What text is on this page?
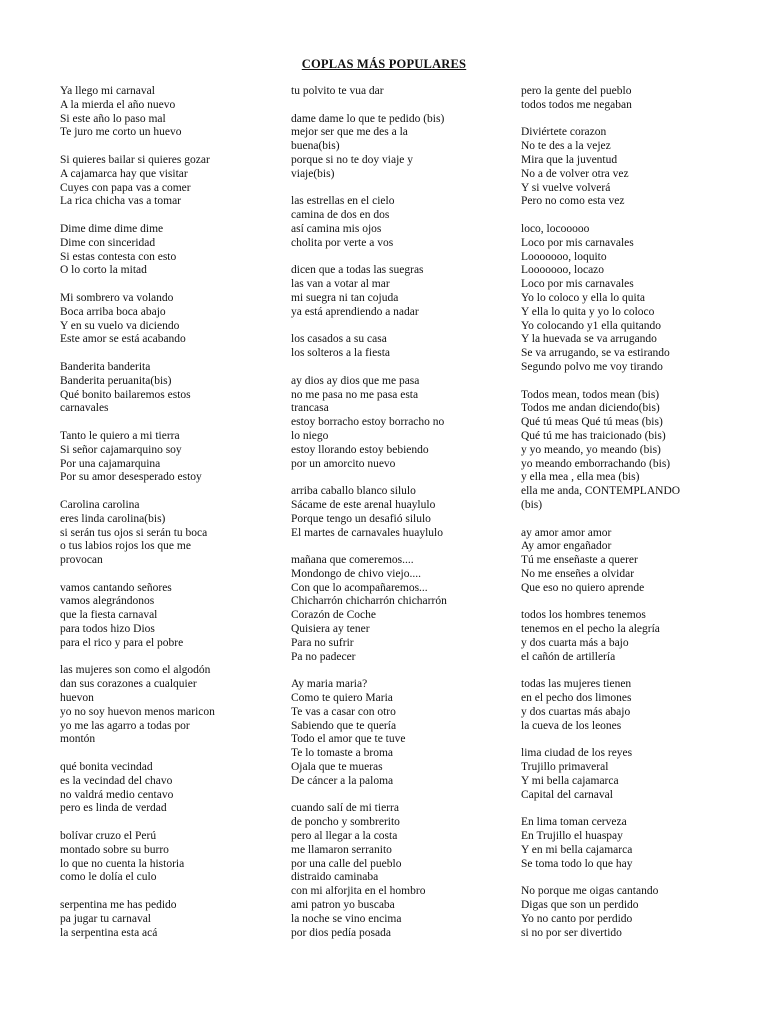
COPLAS MÁS POPULARES
Ya llego mi carnaval
A la mierda el año nuevo
Si este año lo paso mal
Te juro me corto un huevo
Si quieres bailar si quieres gozar
A cajamarca hay que visitar
Cuyes con papa vas a comer
La rica chicha vas a tomar
Dime dime dime dime
Dime con sinceridad
Si estas contesta con esto
O lo corto la mitad
Mi sombrero va volando
Boca arriba boca abajo
Y en su vuelo va diciendo
Este amor se está acabando
Banderita banderita
Banderita peruanita(bis)
Qué bonito bailaremos estos
carnavales
Tanto le quiero a mi tierra
Si señor cajamarquino soy
Por una cajamarquina
Por su amor desesperado estoy
Carolina carolina
eres linda carolina(bis)
si serán tus ojos si serán tu boca
o tus labios rojos los que me
provocan
vamos cantando señores
vamos alegrándonos
que la fiesta carnaval
para todos hizo Dios
para el rico y para el pobre
las mujeres son como el algodón
dan sus corazones a cualquier
huevon
yo no soy huevon menos maricon
yo me las agarro a todas por
montón
qué bonita vecindad
es la vecindad del chavo
no valdrá medio centavo
pero es linda de verdad
bolívar cruzo el Perú
montado sobre su burro
lo que no cuenta la historia
como le dolía el culo
serpentina me has pedido
pa jugar tu carnaval
la serpentina esta acá
tu polvito te vua dar
dame dame lo que te pedido (bis)
mejor ser que me des a la
buena(bis)
porque si no te doy viaje y
viaje(bis)
las estrellas en el cielo
camina de dos en dos
así camina mis ojos
cholita por verte a vos
dicen que a todas las suegras
las van a votar al mar
mi suegra ni tan cojuda
ya está aprendiendo a nadar
los casados a su casa
los solteros a la fiesta
ay dios ay dios que me pasa
no me pasa no me pasa esta
trancasa
estoy borracho estoy borracho no
lo niego
estoy llorando estoy bebiendo
por un amorcito nuevo
arriba caballo blanco silulo
Sácame de este arenal huaylulo
Porque tengo un desafió silulo
El martes de carnavales huaylulo
mañana que comeremos....
Mondongo de chivo viejo....
Con que lo acompañaremos...
Chicharrón chicharrón chicharrón
Corazón de Coche
Quisiera ay tener
Para no sufrir
Pa no padecer
Ay maria maria?
Como te quiero Maria
Te vas a casar con otro
Sabiendo que te quería
Todo el amor que te tuve
Te lo tomaste a broma
Ojala que te mueras
De cáncer a la paloma
cuando salí de mi tierra
de poncho y sombrerito
pero al llegar a la costa
me llamaron serranito
por una calle del pueblo
distraido caminaba
con mi alforjita en el hombro
ami patron yo buscaba
la noche se vino encima
por dios pedía posada
pero la gente del pueblo
todos todos me negaban
Diviértete corazon
No te des a la vejez
Mira que la juventud
No a de volver otra vez
Y si vuelve volverá
Pero no como esta vez
loco, locooooo
Loco por mis carnavales
Looooooo, loquito
Looooooo, locazo
Loco por mis carnavales
Yo lo coloco y ella lo quita
Y ella lo quita y yo lo coloco
Yo colocando y1 ella quitando
Y la huevada se va arrugando
Se va arrugando, se va estirando
Segundo polvo me voy tirando
Todos mean, todos mean (bis)
Todos me andan diciendo(bis)
Qué tú meas Qué tú meas (bis)
Qué tú me has traicionado (bis)
y yo meando, yo meando (bis)
yo meando emborrachando (bis)
y ella mea , ella mea (bis)
ella me anda, CONTEMPLANDO
(bis)
ay amor amor amor
Ay amor engañador
Tú me enseñaste a querer
No me enseñes a olvidar
Que eso no quiero aprende
todos los hombres tenemos
tenemos en el pecho la alegría
y dos cuarta más a bajo
el cañón de artillería
todas las mujeres tienen
en el pecho dos limones
y dos cuartas más abajo
la cueva de los leones
lima ciudad de los reyes
Trujillo primaveral
Y mi bella cajamarca
Capital del carnaval
En lima toman cerveza
En Trujillo el huaspay
Y en mi bella cajamarca
Se toma todo lo que hay
No porque me oigas cantando
Digas que son un perdido
Yo no canto por perdido
si no por ser divertido
